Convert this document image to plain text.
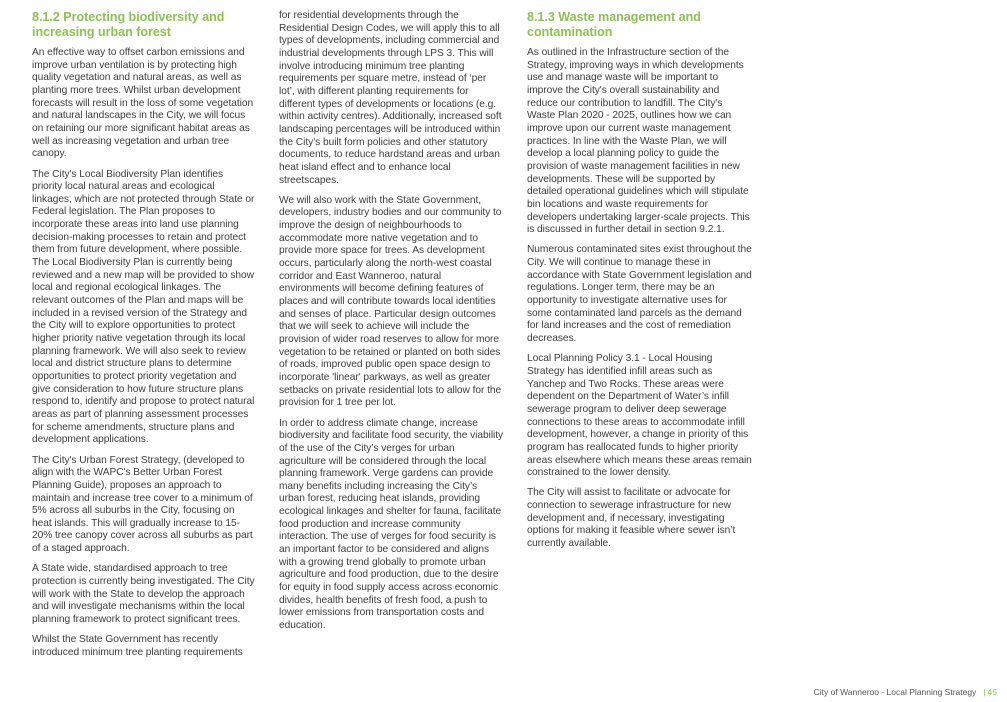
8.1.2 Protecting biodiversity and increasing urban forest

An effective way to offset carbon emissions and improve urban ventilation is by protecting high quality vegetation and natural areas, as well as planting more trees. Whilst urban development forecasts will result in the loss of some vegetation and natural landscapes in the City, we will focus on retaining our more significant habitat areas as well as increasing vegetation and urban tree canopy.

The City's Local Biodiversity Plan identifies priority local natural areas and ecological linkages, which are not protected through State or Federal legislation. The Plan proposes to incorporate these areas into land use planning decision-making processes to retain and protect them from future development, where possible. The Local Biodiversity Plan is currently being reviewed and a new map will be provided to show local and regional ecological linkages. The relevant outcomes of the Plan and maps will be included in a revised version of the Strategy and the City will to explore opportunities to protect higher priority native vegetation through its local planning framework. We will also seek to review local and district structure plans to determine opportunities to protect priority vegetation and give consideration to how future structure plans respond to, identify and propose to protect natural areas as part of planning assessment processes for scheme amendments, structure plans and development applications.

The City's Urban Forest Strategy, (developed to align with the WAPC's Better Urban Forest Planning Guide), proposes an approach to maintain and increase tree cover to a minimum of 5% across all suburbs in the City, focusing on heat islands. This will gradually increase to 15-20% tree canopy cover across all suburbs as part of a staged approach.

A State wide, standardised approach to tree protection is currently being investigated. The City will work with the State to develop the approach and will investigate mechanisms within the local planning framework to protect significant trees.

Whilst the State Government has recently introduced minimum tree planting requirements

for residential developments through the Residential Design Codes, we will apply this to all types of developments, including commercial and industrial developments through LPS 3. This will involve introducing minimum tree planting requirements per square metre, instead of ‘per lot’, with different planting requirements for different types of developments or locations (e.g. within activity centres). Additionally, increased soft landscaping percentages will be introduced within the City’s built form policies and other statutory documents, to reduce hardstand areas and urban heat island effect and to enhance local streetscapes.

We will also work with the State Government, developers, industry bodies and our community to improve the design of neighbourhoods to accommodate more native vegetation and to provide more space for trees. As development occurs, particularly along the north-west coastal corridor and East Wanneroo, natural environments will become defining features of places and will contribute towards local identities and senses of place. Particular design outcomes that we will seek to achieve will include the provision of wider road reserves to allow for more vegetation to be retained or planted on both sides of roads, improved public open space design to incorporate 'linear' parkways, as well as greater setbacks on private residential lots to allow for the provision for 1 tree per lot.

In order to address climate change, increase biodiversity and facilitate food security, the viability of the use of the City’s verges for urban agriculture will be considered through the local planning framework. Verge gardens can provide many benefits including increasing the City’s urban forest, reducing heat islands, providing ecological linkages and shelter for fauna, facilitate food production and increase community interaction. The use of verges for food security is an important factor to be considered and aligns with a growing trend globally to promote urban agriculture and food production, due to the desire for equity in food supply access across economic divides, health benefits of fresh food, a push to lower emissions from transportation costs and education.

8.1.3 Waste management and contamination

As outlined in the Infrastructure section of the Strategy, improving ways in which developments use and manage waste will be important to improve the City's overall sustainability and reduce our contribution to landfill. The City's Waste Plan 2020 - 2025, outlines how we can improve upon our current waste management practices. In line with the Waste Plan, we will develop a local planning policy to guide the provision of waste management facilities in new developments. These will be supported by detailed operational guidelines which will stipulate bin locations and waste requirements for developers undertaking larger-scale projects. This is discussed in further detail in section 9.2.1.

Numerous contaminated sites exist throughout the City. We will continue to manage these in accordance with State Government legislation and regulations. Longer term, there may be an opportunity to investigate alternative uses for some contaminated land parcels as the demand for land increases and the cost of remediation decreases.

Local Planning Policy 3.1 - Local Housing Strategy has identified infill areas such as Yanchep and Two Rocks. These areas were dependent on the Department of Water’s infill sewerage program to deliver deep sewerage connections to these areas to accommodate infill development, however, a change in priority of this program has reallocated funds to higher priority areas elsewhere which means these areas remain constrained to the lower density.

The City will assist to facilitate or advocate for connection to sewerage infrastructure for new development and, if necessary, investigating options for making it feasible where sewer isn’t currently available.

City of Wanneroo - Local Planning Strategy | 45
